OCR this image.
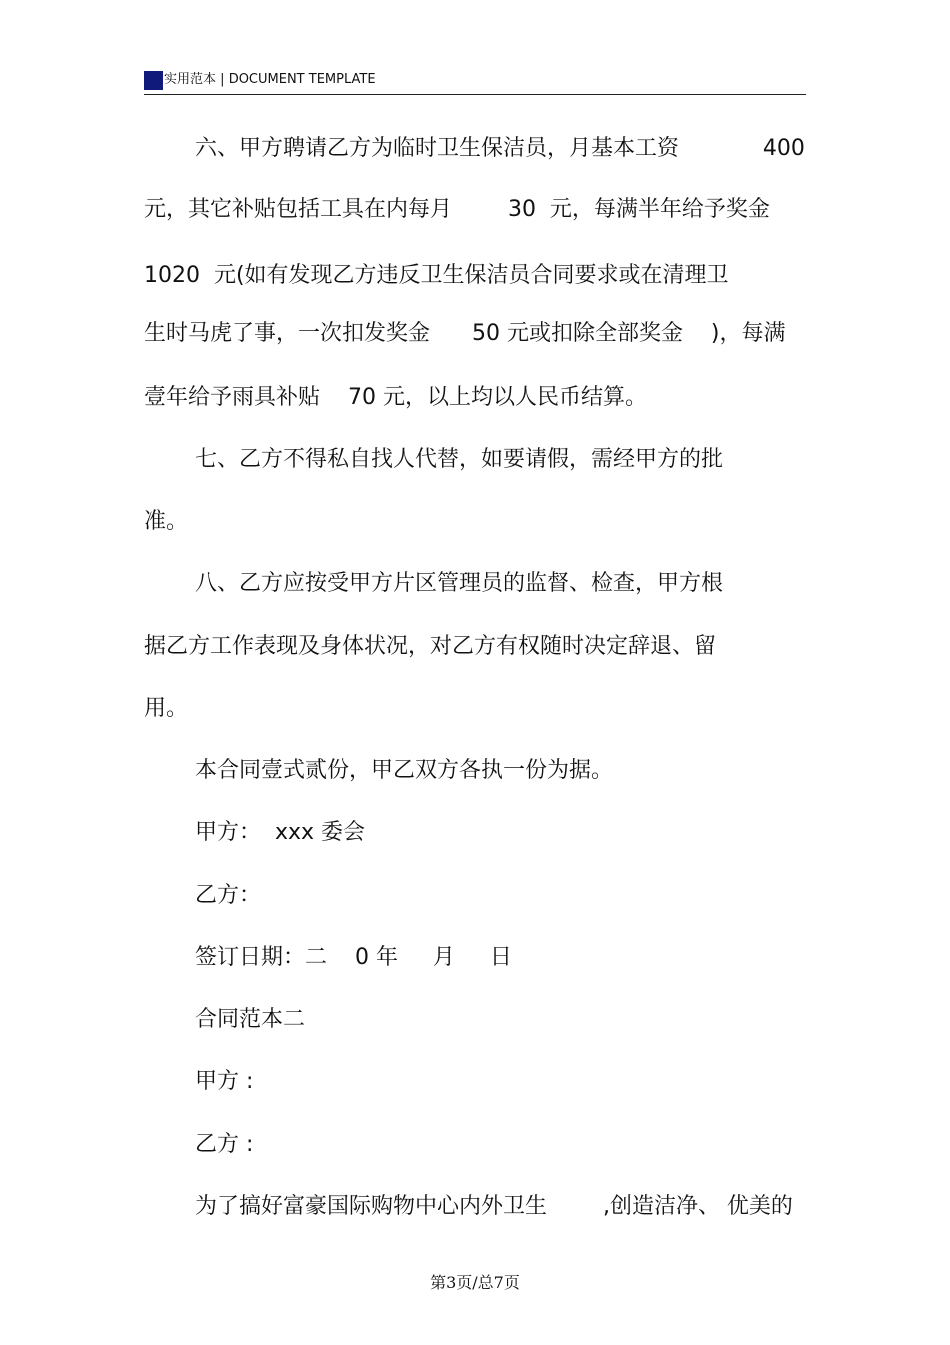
实用范本 | DOCUMENT TEMPLATE
六、甲方聘请乙方为临时卫生保洁员，月基本工资            400
元，其它补贴包括工具在内每月        30  元，每满半年给予奖金
1020  元(如有发现乙方违反卫生保洁员合同要求或在清理卫
生时马虎了事，一次扣发奖金      50 元或扣除全部奖金    )，每满
壹年给予雨具补贴    70 元，以上均以人民币结算。
七、乙方不得私自找人代替，如要请假，需经甲方的批
准。
八、乙方应按受甲方片区管理员的监督、检查，甲方根
据乙方工作表现及身体状况，对乙方有权随时决定辞退、留
用。
本合同壹式贰份，甲乙双方各执一份为据。
甲方：  xxx 委会
乙方：
签订日期：二    0 年     月     日
合同范本二
甲方 :
乙方 :
为了搞好富豪国际购物中心内外卫生        ,创造洁净、 优美的
第3页/总7页
